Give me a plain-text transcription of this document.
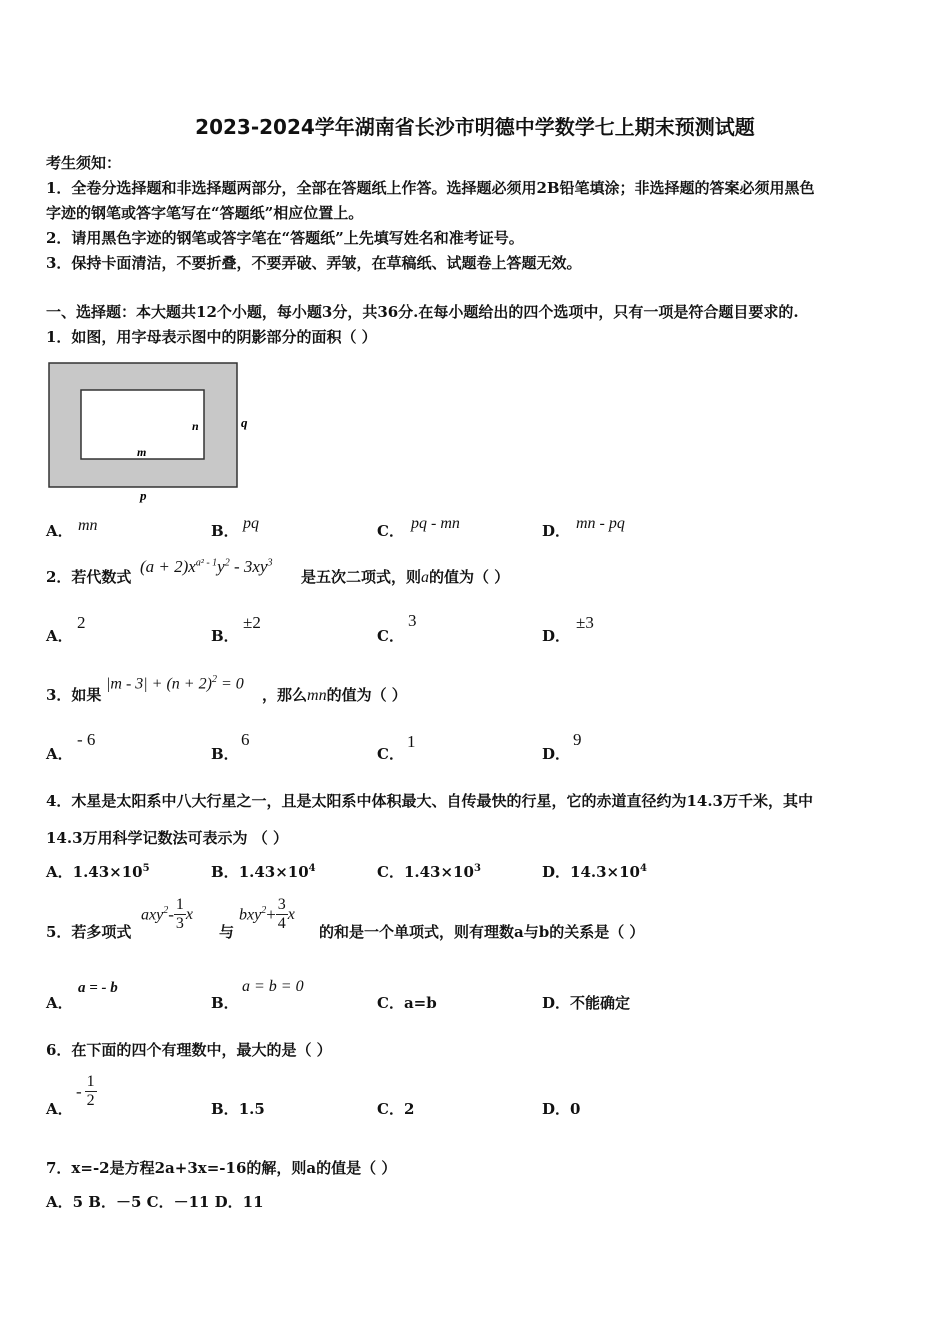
2023-2024学年湖南省长沙市明德中学数学七上期末预测试题
考生须知：
1．全卷分选择题和非选择题两部分，全部在答题纸上作答。选择题必须用2B铅笔填涂；非选择题的答案必须用黑色
字迹的钢笔或答字笔写在“答题纸”相应位置上。
2．请用黑色字迹的钢笔或答字笔在“答题纸”上先填写姓名和准考证号。
3．保持卡面清洁，不要折叠，不要弄破、弄皱，在草稿纸、试题卷上答题无效。
一、选择题：本大题共12个小题，每小题3分，共36分.在每小题给出的四个选项中，只有一项是符合题目要求的.
1．如图，用字母表示图中的阴影部分的面积（ ）
n
m
q
p
A． mn	B． pq	C． pq - mn	D． mn - pq
2．若代数式
$(a + 2)x^{a^2 - 1}y^2 - 3xy^3$
是五次二项式，则a的值为（ ）
A．
2
B．
±2
C．
3
D．
±3
3．如果
$|m - 3| + (n + 2)^2 = 0$
，那么mn的值为（ ）
A．
- 6
B．
6
C．
1
D．
9
4．木星是太阳系中八大行星之一，且是太阳系中体积最大、自传最快的行星，它的赤道直径约为14.3万千米，其中
14.3万用科学记数法可表示为 （ ）
A．$1.43\times 10^5$	B．$1.43\times 10^4$	C．$1.43\times 10^3$	D．$14.3\times 10^4$
5．若多项式
$axy^2 - \frac{1}{3}$ x
与
$bxy^2 + \frac{3}{4}$ x
的和是一个单项式，则有理数a与b的关系是（ ）
A．
a = - b
B．
a = b = 0
C．a=b	D．不能确定
6．在下面的四个有理数中，最大的是（ ）
A．
- $\frac{1}{2}$	B．1.5	C．2	D．0
7．x=-2是方程2a+3x=-16的解，则a的值是（ ）
A．5 B．－5 C．－11 D．11
